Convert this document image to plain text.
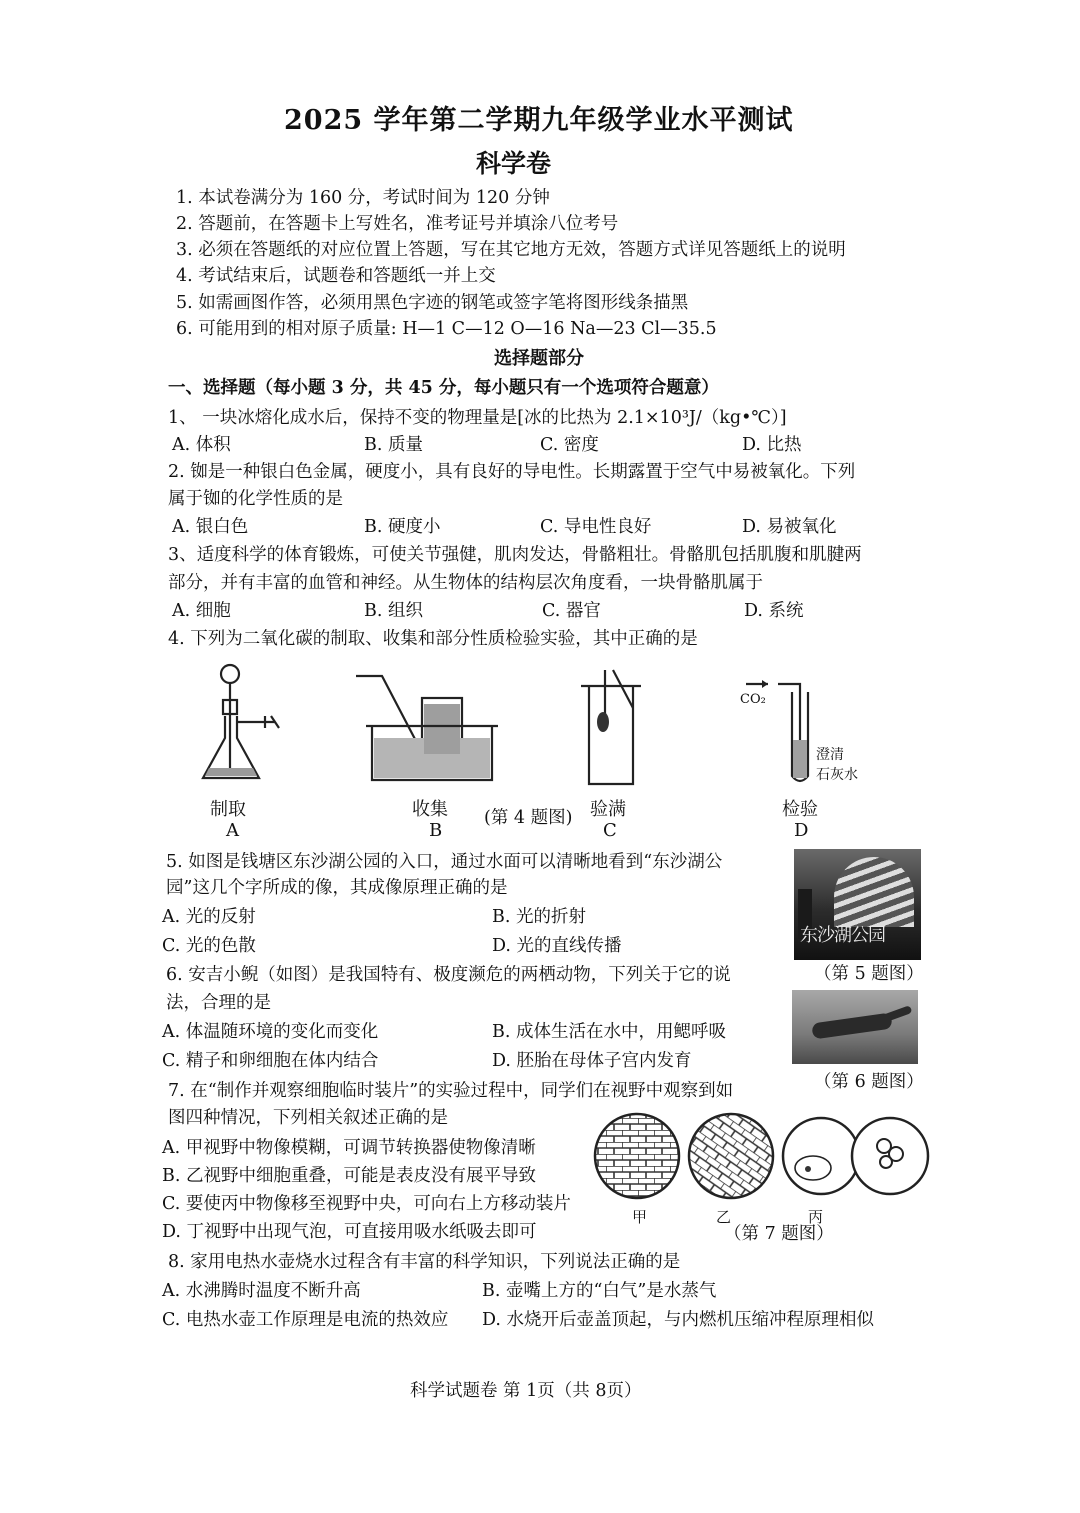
2025 学年第二学期九年级学业水平测试
科学卷
1. 本试卷满分为 160 分，考试时间为 120 分钟
2. 答题前，在答题卡上写姓名，准考证号并填涂八位考号
3. 必须在答题纸的对应位置上答题，写在其它地方无效，答题方式详见答题纸上的说明
4. 考试结束后，试题卷和答题纸一并上交
5. 如需画图作答，必须用黑色字迹的钢笔或签字笔将图形线条描黑
6. 可能用到的相对原子质量: H—1 C—12 O—16 Na—23 Cl—35.5
选择题部分
一、选择题（每小题 3 分，共 45 分，每小题只有一个选项符合题意）
1、 一块冰熔化成水后，保持不变的物理量是[冰的比热为 2.1×10³J/（kg•℃）]
A. 体积	B. 质量	C. 密度	D. 比热
2. 铷是一种银白色金属，硬度小，具有良好的导电性。长期露置于空气中易被氧化。下列
属于铷的化学性质的是
A. 银白色	B. 硬度小	C. 导电性良好	D. 易被氧化
3、适度科学的体育锻炼，可使关节强健，肌肉发达，骨骼粗壮。骨骼肌包括肌腹和肌腱两
部分，并有丰富的血管和神经。从生物体的结构层次角度看，一块骨骼肌属于
A. 细胞	B. 组织	C. 器官	D. 系统
4. 下列为二氧化碳的制取、收集和部分性质检验实验，其中正确的是
制取
A
收集
B
(第 4 题图) 验满
C
CO₂
澄清
石灰水
检验
D
5. 如图是钱塘区东沙湖公园的入口，通过水面可以清晰地看到“东沙湖公
园”这几个字所成的像，其成像原理正确的是
A. 光的反射	B. 光的折射
C. 光的色散	D. 光的直线传播	东沙湖公园
（第 5 题图）
6. 安吉小鲵（如图）是我国特有、极度濒危的两栖动物，下列关于它的说
法，合理的是
A. 体温随环境的变化而变化	B. 成体生活在水中，用鳃呼吸
C. 精子和卵细胞在体内结合	D. 胚胎在母体子宫内发育
（第 6 题图）
7. 在“制作并观察细胞临时装片”的实验过程中，同学们在视野中观察到如
图四种情况，下列相关叙述正确的是
A. 甲视野中物像模糊，可调节转换器使物像清晰
B. 乙视野中细胞重叠，可能是表皮没有展平导致
C. 要使丙中物像移至视野中央，可向右上方移动装片
D. 丁视野中出现气泡，可直接用吸水纸吸去即可
甲	乙	丙
（第 7 题图）
8. 家用电热水壶烧水过程含有丰富的科学知识，下列说法正确的是
A. 水沸腾时温度不断升高	B. 壶嘴上方的“白气”是水蒸气
C. 电热水壶工作原理是电流的热效应 D. 水烧开后壶盖顶起，与内燃机压缩冲程原理相似
科学试题卷 第 1页（共 8页）
